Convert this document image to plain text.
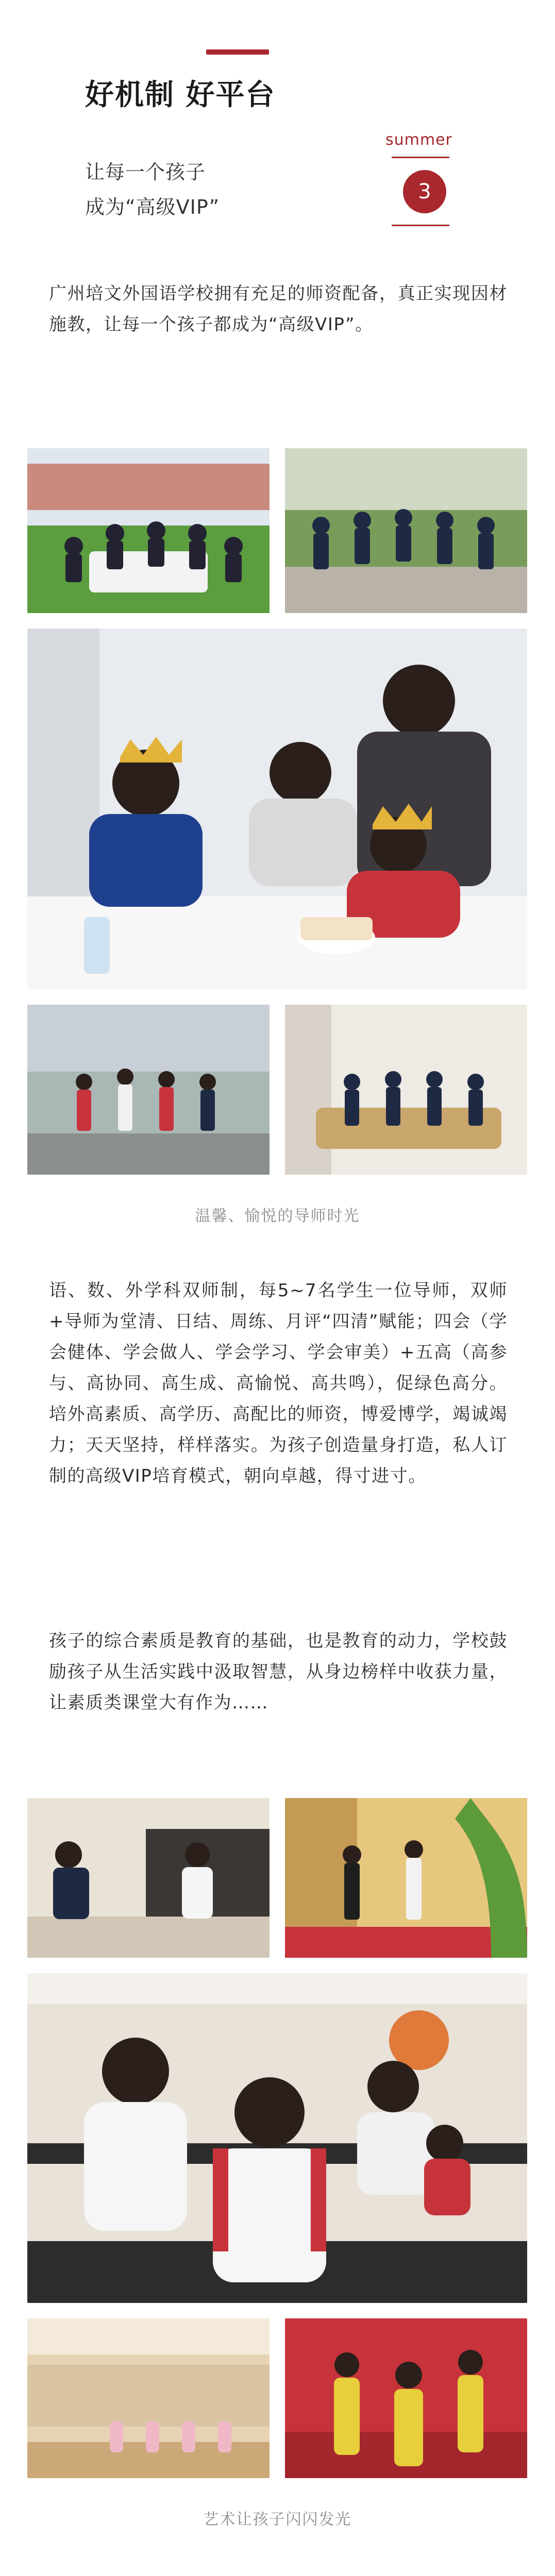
好机制 好平台
让每一个孩子
成为“高级VIP”
summer
3
广州培文外国语学校拥有充足的师资配备，真正实现因材施教，让每一个孩子都成为“高级VIP”。
温馨、愉悦的导师时光
语、数、外学科双师制，每5~7名学生一位导师，双师+导师为堂清、日结、周练、月评“四清”赋能；四会（学会健体、学会做人、学会学习、学会审美）+五高（高参与、高协同、高生成、高愉悦、高共鸣），促绿色高分。培外高素质、高学历、高配比的师资，博爱博学，竭诚竭力；天天坚持，样样落实。为孩子创造量身打造，私人订制的高级VIP培育模式，朝向卓越，得寸进寸。
孩子的综合素质是教育的基础，也是教育的动力，学校鼓励孩子从生活实践中汲取智慧，从身边榜样中收获力量，让素质类课堂大有作为……
艺术让孩子闪闪发光
